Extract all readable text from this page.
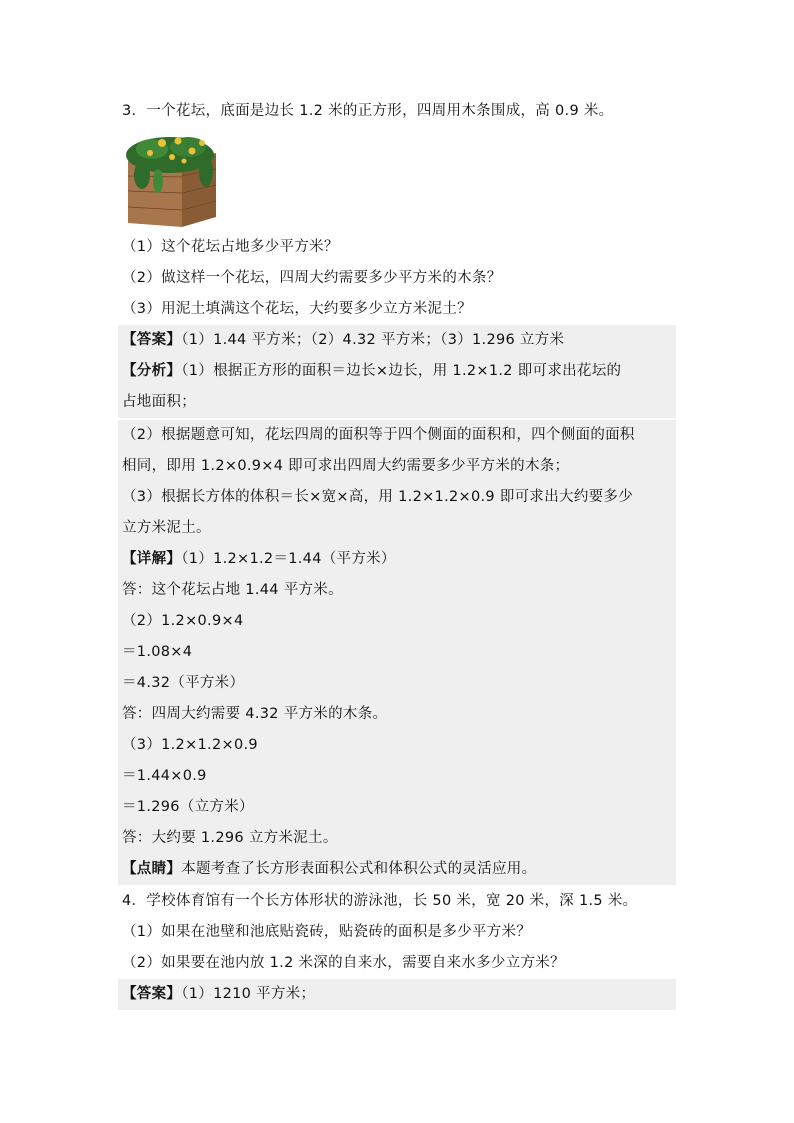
3．一个花坛，底面是边长 1.2 米的正方形，四周用木条围成，高 0.9 米。
（1）这个花坛占地多少平方米？
（2）做这样一个花坛，四周大约需要多少平方米的木条？
（3）用泥土填满这个花坛，大约要多少立方米泥土？
【答案】（1）1.44 平方米；（2）4.32 平方米；（3）1.296 立方米
【分析】（1）根据正方形的面积＝边长×边长，用 1.2×1.2 即可求出花坛的
占地面积；
（2）根据题意可知，花坛四周的面积等于四个侧面的面积和，四个侧面的面积
相同，即用 1.2×0.9×4 即可求出四周大约需要多少平方米的木条；
（3）根据长方体的体积＝长×宽×高，用 1.2×1.2×0.9 即可求出大约要多少
立方米泥土。
【详解】（1）1.2×1.2＝1.44（平方米）
答：这个花坛占地 1.44 平方米。
（2）1.2×0.9×4
＝1.08×4
＝4.32（平方米）
答：四周大约需要 4.32 平方米的木条。
（3）1.2×1.2×0.9
＝1.44×0.9
＝1.296（立方米）
答：大约要 1.296 立方米泥土。
【点睛】本题考查了长方形表面积公式和体积公式的灵活应用。
4．学校体育馆有一个长方体形状的游泳池，长 50 米，宽 20 米，深 1.5 米。
（1）如果在池壁和池底贴瓷砖，贴瓷砖的面积是多少平方米？
（2）如果要在池内放 1.2 米深的自来水，需要自来水多少立方米？
【答案】（1）1210 平方米；
